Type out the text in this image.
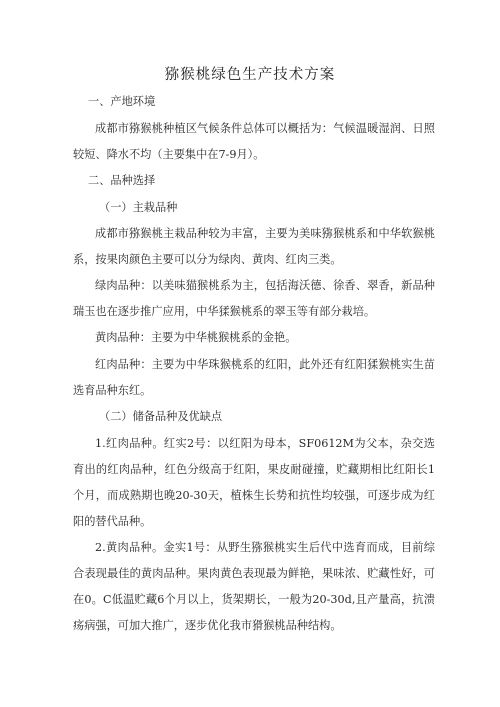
猕猴桃绿色生产技术方案

一、产地环境

成都市猕猴桃种植区气候条件总体可以概括为：气候温暖湿润、日照较短、降水不均（主要集中在7-9月）。

二、品种选择

（一）主栽品种

成都市猕猴桃主栽品种较为丰富，主要为美味猕猴桃系和中华软猴桃系，按果肉颜色主要可以分为绿肉、黄肉、红肉三类。

绿肉品种：以美味猫猴桃系为主，包括海沃德、徐香、翠香，新品种瑞玉也在逐步推广应用，中华猱猴桃系的翠玉等有部分栽培。

黄肉品种：主要为中华桃猴桃系的金艳。

红肉品种：主要为中华珠猴桃系的红阳，此外还有红阳猱猴桃实生苗选育品种东红。

（二）储备品种及优缺点

1.红肉品种。红实2号：以红阳为母本，SF0612M为父本，杂交选育出的红肉品种，红色分级高于红阳，果皮耐碰撞，贮藏期相比红阳长1个月，而成熟期也晚20-30天，植株生长势和抗性均较强，可逐步成为红阳的替代品种。

2.黄肉品种。金实1号：从野生猕猴桃实生后代中选育而成，目前综合表现最佳的黄肉品种。果肉黄色表现最为鲜艳，果味浓、贮藏性好，可在0。C低温贮藏6个月以上，货架期长，一般为20-30d,且产量高，抗溃疡病强，可加大推广，逐步优化我市猾猴桃品种结构。
